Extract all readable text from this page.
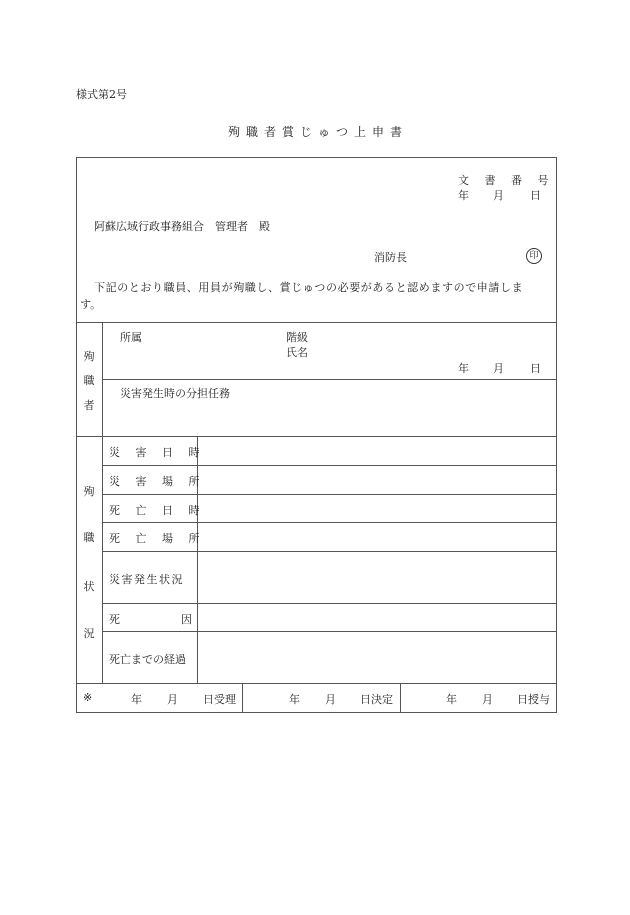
様式第2号
殉職者賞じゅつ上申書
文 書 番 号
年 月 日
阿蘇広域行政事務組合　管理者　殿
消防長	印
下記のとおり職員、用員が殉職し、賞じゅつの必要があると認めますので申請しま
す。
殉
職
者
所属	階級
氏名
年 月 日
災害発生時の分担任務
殉
職
状
況
災 害 日 時
災 害 場 所
死 亡 日 時
死 亡 場 所
災害発生状況
死	因
死亡までの経過
※	年 月 日受理	年 月 日決定	年 月 日授与
